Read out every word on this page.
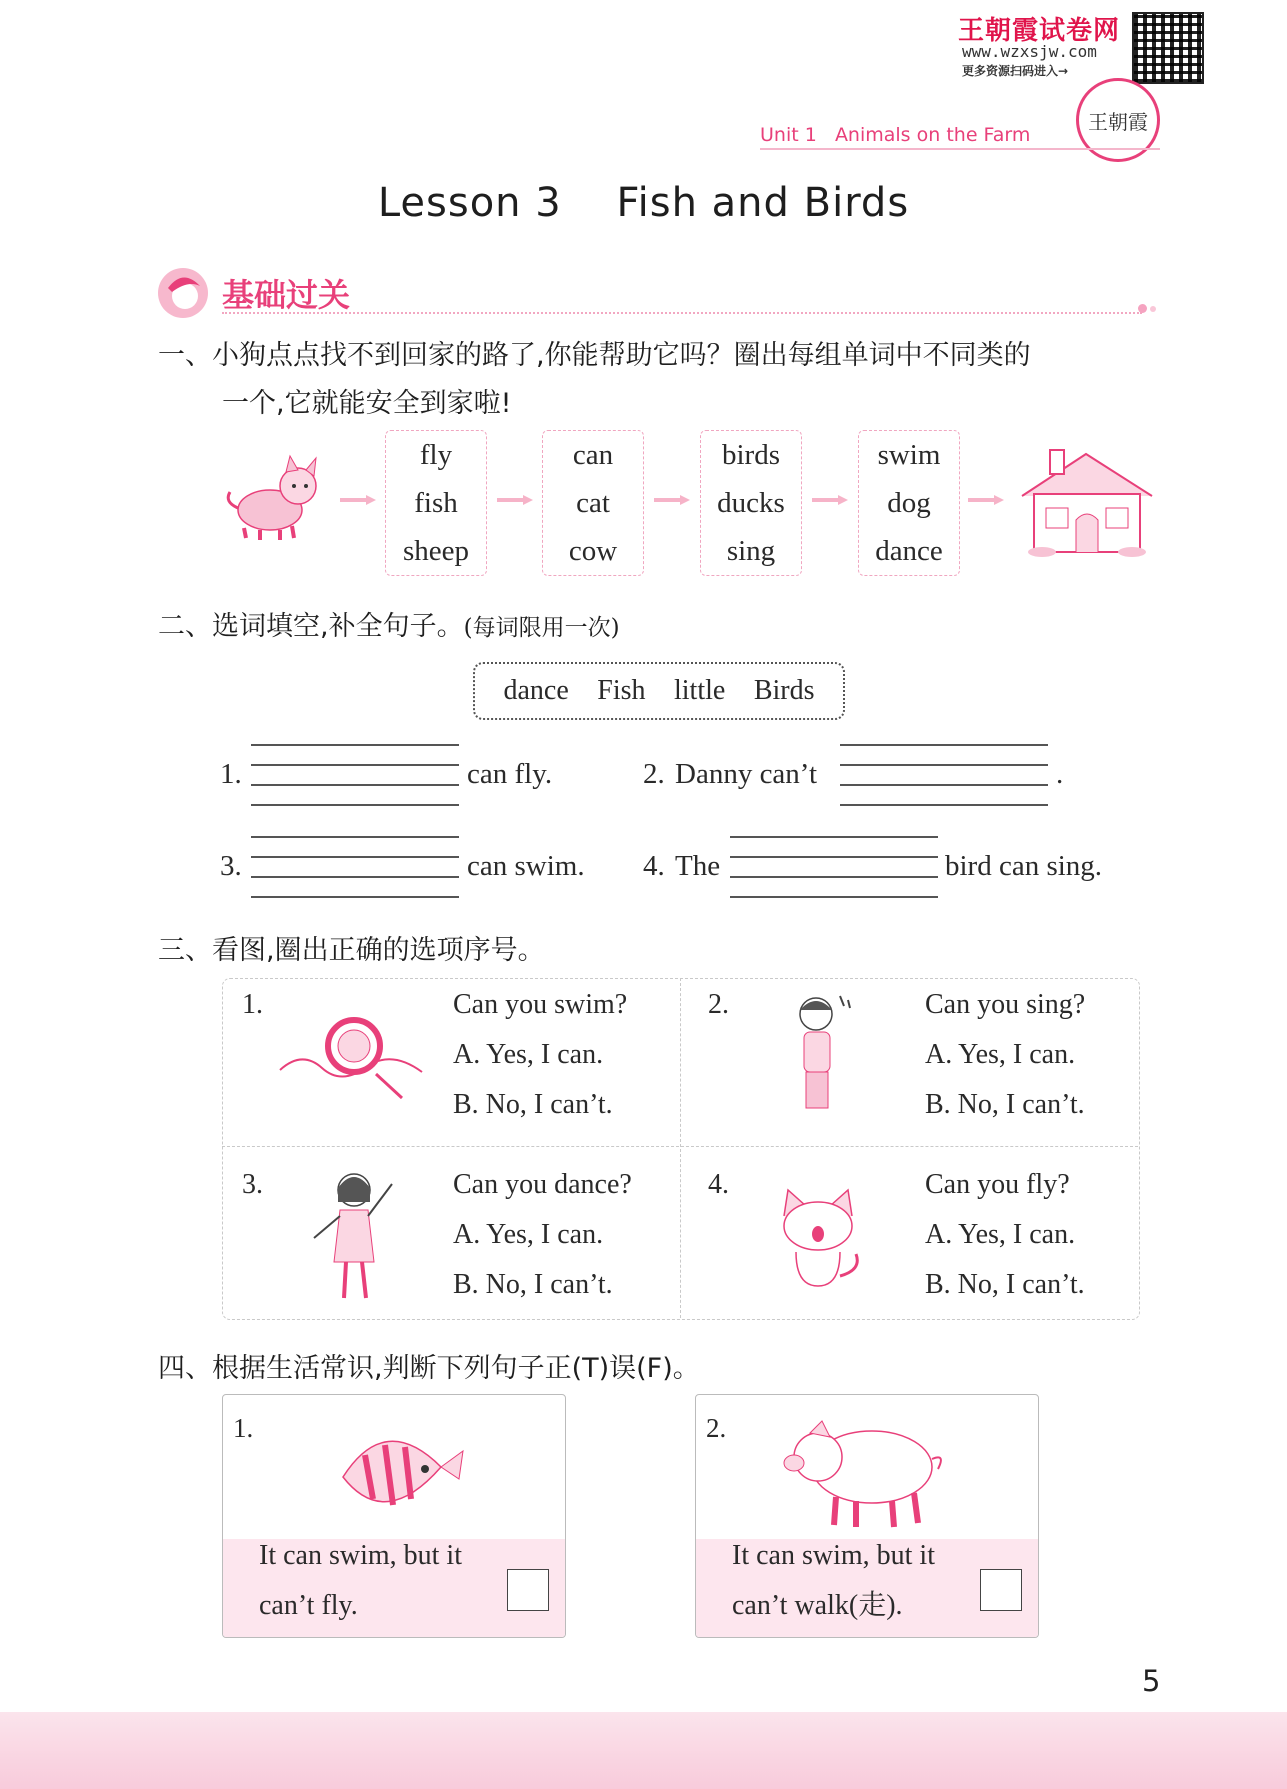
王朝霞试卷网
www.wzxsjw.com
更多资源扫码进入→
王朝霞
Unit 1 Animals on the Farm
Lesson 3    Fish and Birds
基础过关
一、小狗点点找不到回家的路了,你能帮助它吗？圈出每组单词中不同类的
一个,它就能安全到家啦!
fly
fish
sheep
can
cat
cow
birds
ducks
sing
swim
dog
dance
二、选词填空,补全句子。(每词限用一次)
dance Fish little Birds
1.	can fly.	2. Danny can’t	.
3.	can swim. 4. The	bird can sing.
三、看图,圈出正确的选项序号。
1.	Can you swim?
A. Yes, I can.
B. No, I can’t.
2.	Can you sing?
A. Yes, I can.
B. No, I can’t.
3.	Can you dance?
A. Yes, I can.
B. No, I can’t.
4.	Can you fly?
A. Yes, I can.
B. No, I can’t.
四、根据生活常识,判断下列句子正(T)误(F)。
1.
It can swim, but it
can’t fly.
2.
It can swim, but it
can’t walk(走).
5
